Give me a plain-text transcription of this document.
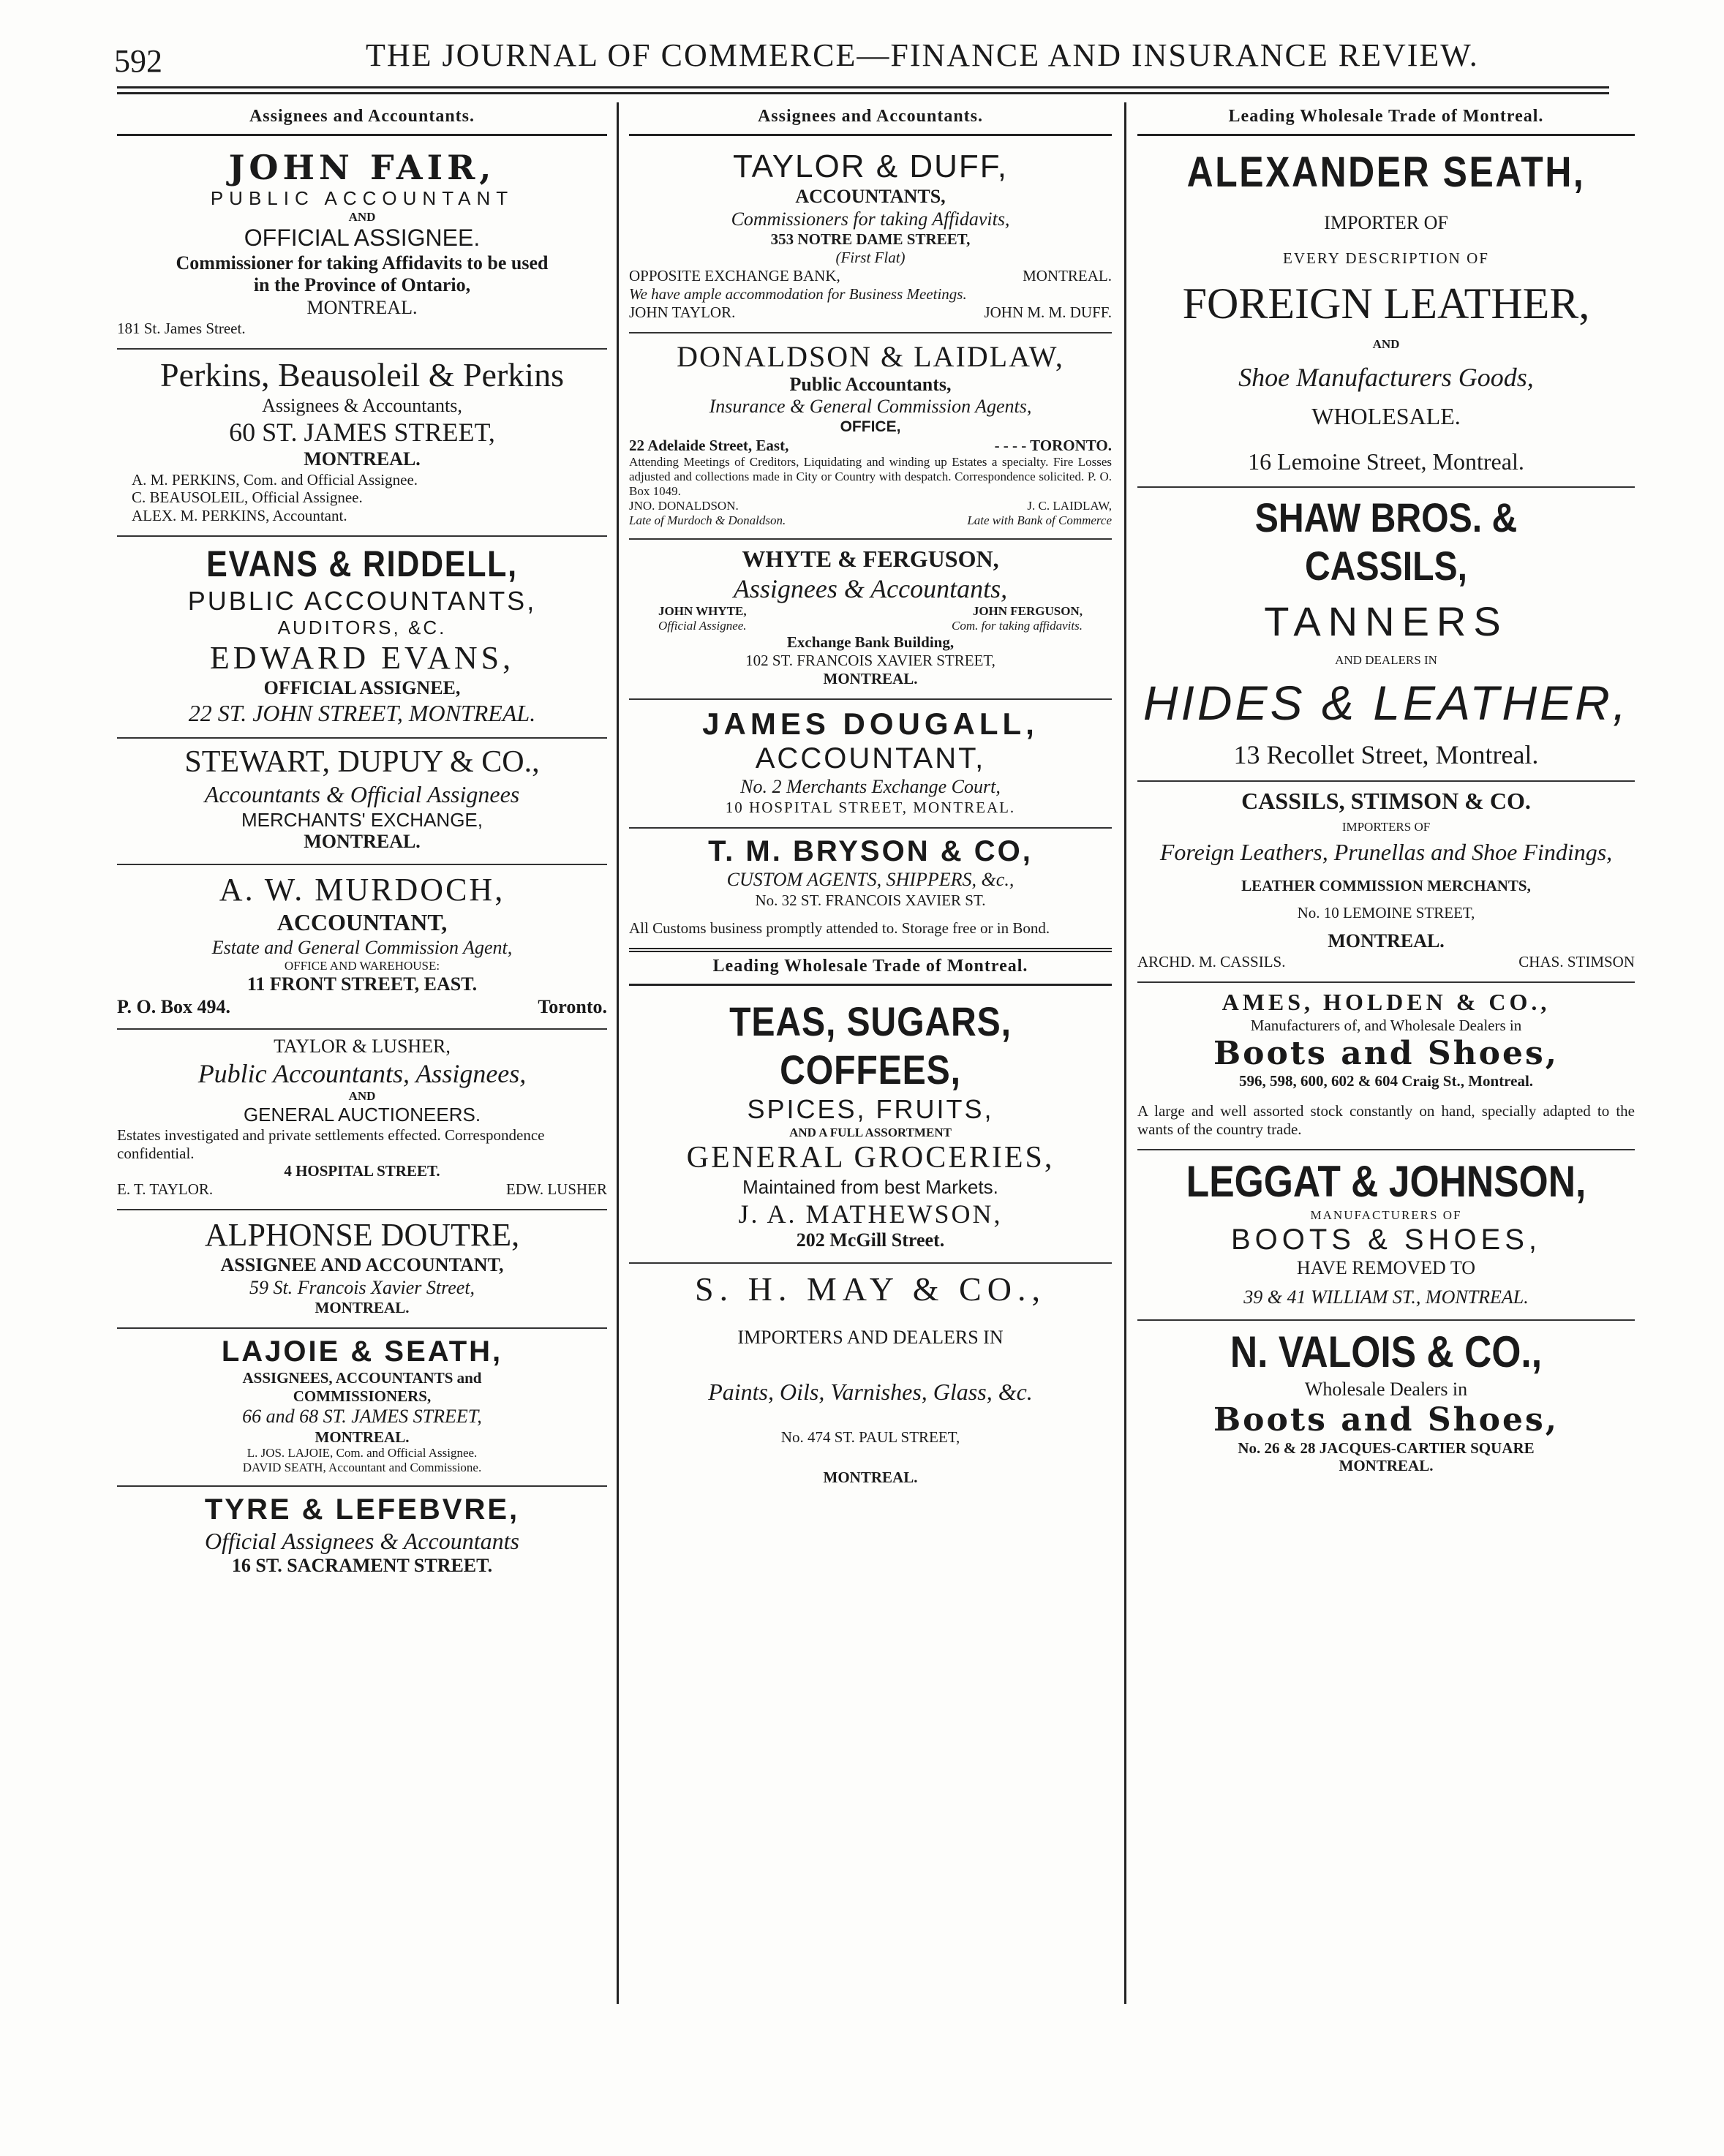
592	THE JOURNAL OF COMMERCE—FINANCE AND INSURANCE REVIEW.
Assignees and Accountants.
JOHN FAIR,
PUBLIC ACCOUNTANT
AND
OFFICIAL ASSIGNEE.
Commissioner for taking Affidavits to be used
in the Province of Ontario,
MONTREAL.
181 St. James Street.
Perkins, Beausoleil & Perkins
Assignees & Accountants,
60 ST. JAMES STREET,
MONTREAL.
A. M. PERKINS, Com. and Official Assignee.
C. BEAUSOLEIL, Official Assignee.
ALEX. M. PERKINS, Accountant.
EVANS & RIDDELL,
PUBLIC ACCOUNTANTS,
AUDITORS, &C.
EDWARD EVANS,
OFFICIAL ASSIGNEE,
22 ST. JOHN STREET, MONTREAL.
STEWART, DUPUY & CO.,
Accountants & Official Assignees
MERCHANTS' EXCHANGE,
MONTREAL.
A. W. MURDOCH,
ACCOUNTANT,
Estate and General Commission Agent,
OFFICE AND WAREHOUSE:
11 FRONT STREET, EAST.
P. O. Box 494.	Toronto.
TAYLOR & LUSHER,
Public Accountants, Assignees,
AND
GENERAL AUCTIONEERS.
Estates investigated and private settlements effected. Correspondence confidential.
4 HOSPITAL STREET.
E. T. TAYLOR.	EDW. LUSHER
ALPHONSE DOUTRE,
ASSIGNEE AND ACCOUNTANT,
59 St. Francois Xavier Street,
MONTREAL.
LAJOIE & SEATH,
ASSIGNEES, ACCOUNTANTS and
COMMISSIONERS,
66 and 68 ST. JAMES STREET,
MONTREAL.
L. JOS. LAJOIE, Com. and Official Assignee.
DAVID SEATH, Accountant and Commissione.
TYRE & LEFEBVRE,
Official Assignees & Accountants
16 ST. SACRAMENT STREET.
Assignees and Accountants.
TAYLOR & DUFF,
ACCOUNTANTS,
Commissioners for taking Affidavits,
353 NOTRE DAME STREET,
(First Flat)
OPPOSITE EXCHANGE BANK,	MONTREAL.
We have ample accommodation for Business Meetings.
JOHN TAYLOR.	JOHN M. M. DUFF.
DONALDSON & LAIDLAW,
Public Accountants,
Insurance & General Commission Agents,
OFFICE,
22 Adelaide Street, East,	- - - - TORONTO.
Attending Meetings of Creditors, Liquidating and winding up Estates a specialty. Fire Losses adjusted and collections made in City or Country with despatch. Correspondence solicited. P. O. Box 1049.
JNO. DONALDSON.	J. C. LAIDLAW,
Late of Murdoch & Donaldson.	Late with Bank of Commerce
WHYTE & FERGUSON,
Assignees & Accountants,
JOHN WHYTE,	JOHN FERGUSON,
Official Assignee.	Com. for taking affidavits.
Exchange Bank Building,
102 ST. FRANCOIS XAVIER STREET,
MONTREAL.
JAMES DOUGALL,
ACCOUNTANT,
No. 2 Merchants Exchange Court,
10 HOSPITAL STREET, MONTREAL.
T. M. BRYSON & CO,
CUSTOM AGENTS, SHIPPERS, &c.,
No. 32 ST. FRANCOIS XAVIER ST.
All Customs business promptly attended to. Storage free or in Bond.
Leading Wholesale Trade of Montreal.
TEAS, SUGARS, COFFEES,
SPICES, FRUITS,
AND A FULL ASSORTMENT
GENERAL GROCERIES,
Maintained from best Markets.
J. A. MATHEWSON,
202 McGill Street.
S. H. MAY & CO.,
IMPORTERS AND DEALERS IN
Paints, Oils, Varnishes, Glass, &c.
No. 474 ST. PAUL STREET,
MONTREAL.
Leading Wholesale Trade of Montreal.
ALEXANDER SEATH,
IMPORTER OF
EVERY DESCRIPTION OF
FOREIGN LEATHER,
AND
Shoe Manufacturers Goods,
WHOLESALE.
16 Lemoine Street, Montreal.
SHAW BROS. & CASSILS,
TANNERS
AND DEALERS IN
HIDES & LEATHER,
13 Recollet Street, Montreal.
CASSILS, STIMSON & CO.
IMPORTERS OF
Foreign Leathers, Prunellas and Shoe Findings,
LEATHER COMMISSION MERCHANTS,
No. 10 LEMOINE STREET,
MONTREAL.
ARCHD. M. CASSILS.	CHAS. STIMSON
AMES, HOLDEN & CO.,
Manufacturers of, and Wholesale Dealers in
Boots and Shoes,
596, 598, 600, 602 & 604 Craig St., Montreal.
A large and well assorted stock constantly on hand, specially adapted to the wants of the country trade.
LEGGAT & JOHNSON,
MANUFACTURERS OF
BOOTS & SHOES,
HAVE REMOVED TO
39 & 41 WILLIAM ST., MONTREAL.
N. VALOIS & CO.,
Wholesale Dealers in
Boots and Shoes,
No. 26 & 28 JACQUES-CARTIER SQUARE
MONTREAL.
